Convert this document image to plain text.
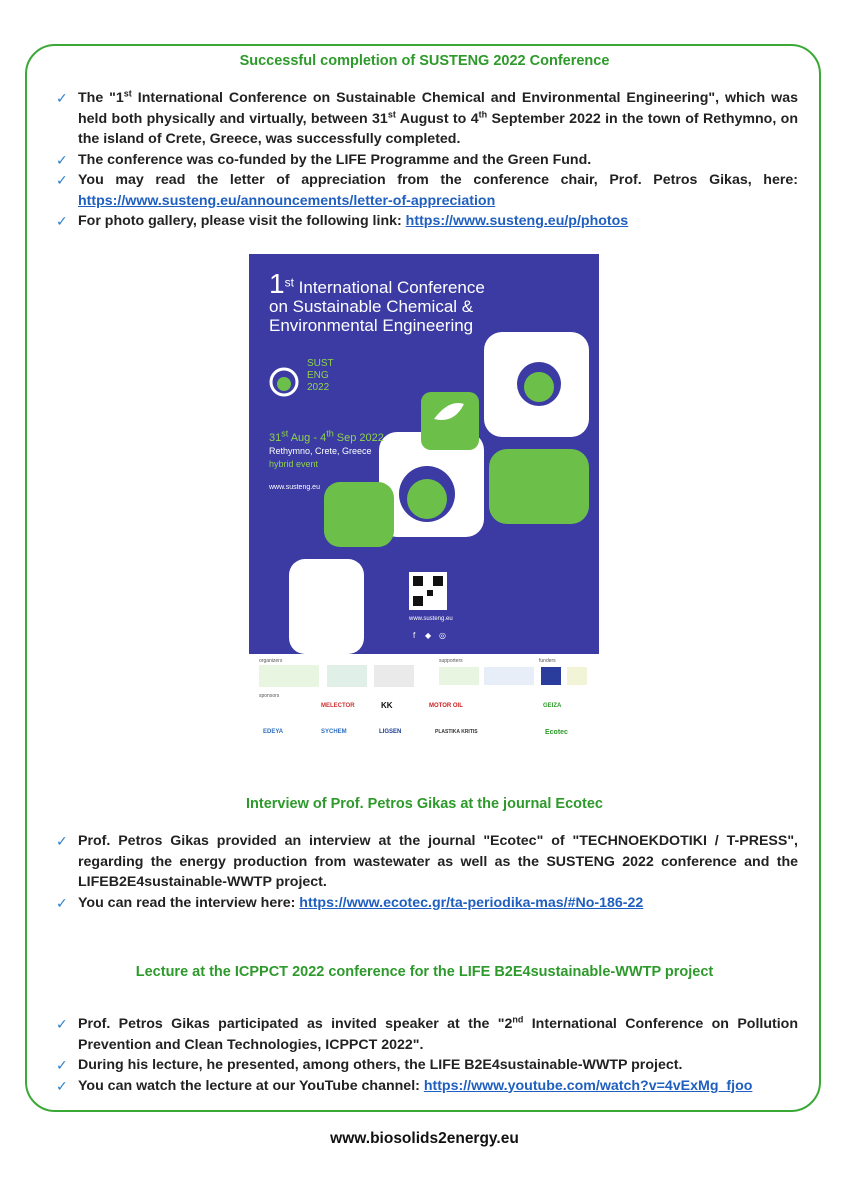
Successful completion of SUSTENG 2022 Conference
✓ The "1st International Conference on Sustainable Chemical and Environmental Engineering", which was held both physically and virtually, between 31st August to 4th September 2022 in the town of Rethymno, on the island of Crete, Greece, was successfully completed.
✓ The conference was co-funded by the LIFE Programme and the Green Fund.
✓ You may read the letter of appreciation from the conference chair, Prof. Petros Gikas, here: https://www.susteng.eu/announcements/letter-of-appreciation
✓ For photo gallery, please visit the following link: https://www.susteng.eu/p/photos
f ◆ ◎
1st International Conference
on Sustainable Chemical &
Environmental Engineering
SUST
ENG
2022
31st Aug - 4th Sep 2022
Rethymno, Crete, Greece
hybrid event
www.susteng.eu
www.susteng.eu
organizers	supporters	funders
sponsors
MELECTOR	KK	MOTOR OIL	GEIZA
EDEYA	SYCHEM	LIGSEN	PLASTIKA KRITIS	Ecotec
Interview of Prof. Petros Gikas at the journal Ecotec
✓ Prof. Petros Gikas provided an interview at the journal "Ecotec" of "TECHNOEKDOTIKI / T-PRESS", regarding the energy production from wastewater as well as the SUSTENG 2022 conference and the LIFEB2E4sustainable-WWTP project.
✓ You can read the interview here: https://www.ecotec.gr/ta-periodika-mas/#No-186-22
Lecture at the ICPPCT 2022 conference for the LIFE B2E4sustainable-WWTP project
✓ Prof. Petros Gikas participated as invited speaker at the "2nd International Conference on Pollution Prevention and Clean Technologies, ICPPCT 2022".
✓ During his lecture, he presented, among others, the LIFE B2E4sustainable-WWTP project.
✓ You can watch the lecture at our YouTube channel: https://www.youtube.com/watch?v=4vExMg_fjoo
www.biosolids2energy.eu
